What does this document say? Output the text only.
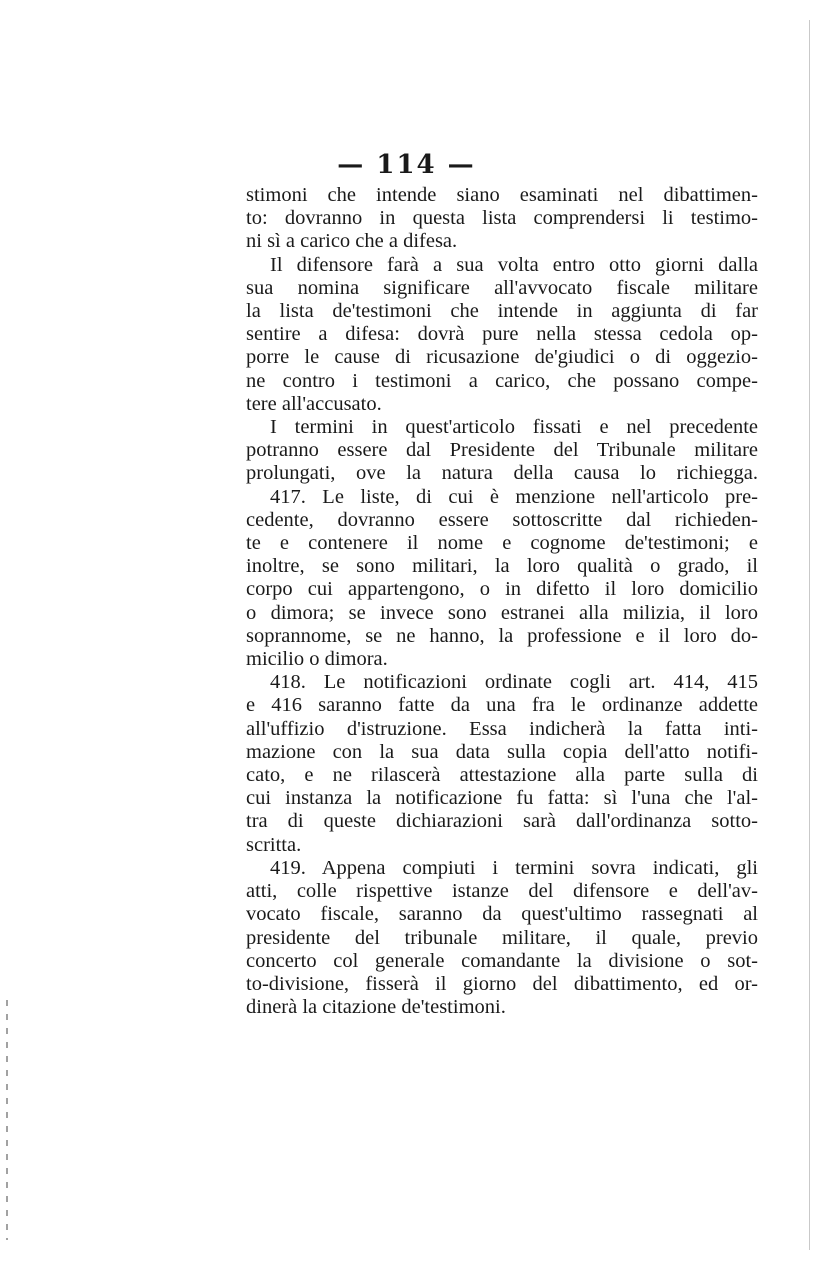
— 114 —
stimoni che intende siano esaminati nel dibattimen-
to: dovranno in questa lista comprendersi li testimo-
ni sì a carico che a difesa.
Il difensore farà a sua volta entro otto giorni dalla
sua nomina significare all'avvocato fiscale militare
la lista de'testimoni che intende in aggiunta di far
sentire a difesa: dovrà pure nella stessa cedola op-
porre le cause di ricusazione de'giudici o di oggezio-
ne contro i testimoni a carico, che possano compe-
tere all'accusato.
I termini in quest'articolo fissati e nel precedente
potranno essere dal Presidente del Tribunale militare
prolungati, ove la natura della causa lo richiegga.
417. Le liste, di cui è menzione nell'articolo pre-
cedente, dovranno essere sottoscritte dal richieden-
te e contenere il nome e cognome de'testimoni; e
inoltre, se sono militari, la loro qualità o grado, il
corpo cui appartengono, o in difetto il loro domicilio
o dimora; se invece sono estranei alla milizia, il loro
soprannome, se ne hanno, la professione e il loro do-
micilio o dimora.
418. Le notificazioni ordinate cogli art. 414, 415
e 416 saranno fatte da una fra le ordinanze addette
all'uffizio d'istruzione. Essa indicherà la fatta inti-
mazione con la sua data sulla copia dell'atto notifi-
cato, e ne rilascerà attestazione alla parte sulla di
cui instanza la notificazione fu fatta: sì l'una che l'al-
tra di queste dichiarazioni sarà dall'ordinanza sotto-
scritta.
419. Appena compiuti i termini sovra indicati, gli
atti, colle rispettive istanze del difensore e dell'av-
vocato fiscale, saranno da quest'ultimo rassegnati al
presidente del tribunale militare, il quale, previo
concerto col generale comandante la divisione o sot-
to-divisione, fisserà il giorno del dibattimento, ed or-
dinerà la citazione de'testimoni.
